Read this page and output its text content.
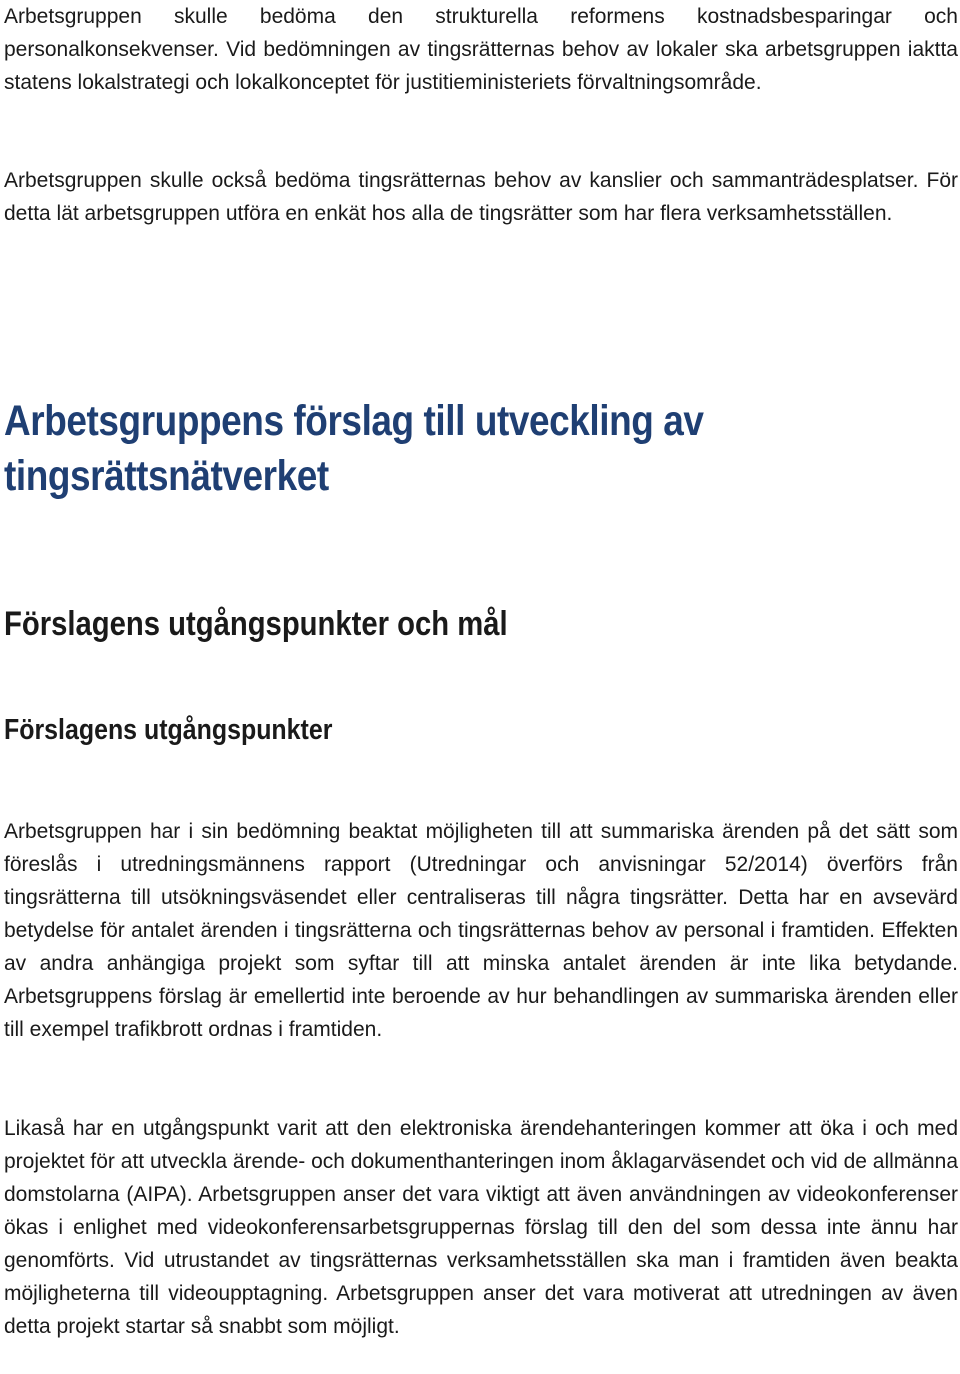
Arbetsgruppen skulle bedöma den strukturella reformens kostnadsbesparingar och personalkonsekvenser. Vid bedömningen av tingsrätternas behov av lokaler ska arbetsgruppen iaktta statens lokalstrategi och lokalkonceptet för justitieministeriets förvaltningsområde.

Arbetsgruppen skulle också bedöma tingsrätternas behov av kanslier och sammanträdesplatser. För detta lät arbetsgruppen utföra en enkät hos alla de tingsrätter som har flera verksamhetsställen.

Arbetsgruppens förslag till utveckling av
tingsrättsnätverket
Förslagens utgångspunkter och mål
Förslagens utgångspunkter

Arbetsgruppen har i sin bedömning beaktat möjligheten till att summariska ärenden på det sätt som föreslås i utredningsmännens rapport (Utredningar och anvisningar 52/2014) överförs från tingsrätterna till utsökningsväsendet eller centraliseras till några tingsrätter. Detta har en avsevärd betydelse för antalet ärenden i tingsrätterna och tingsrätternas behov av personal i framtiden. Effekten av andra anhängiga projekt som syftar till att minska antalet ärenden är inte lika betydande. Arbetsgruppens förslag är emellertid inte beroende av hur behandlingen av summariska ärenden eller till exempel trafikbrott ordnas i framtiden.

Likaså har en utgångspunkt varit att den elektroniska ärendehanteringen kommer att öka i och med projektet för att utveckla ärende- och dokumenthanteringen inom åklagarväsendet och vid de allmänna domstolarna (AIPA). Arbetsgruppen anser det vara viktigt att även användningen av videokonferenser ökas i enlighet med videokonferensarbetsgruppernas förslag till den del som dessa inte ännu har genomförts. Vid utrustandet av tingsrätternas verksamhetsställen ska man i framtiden även beakta möjligheterna till videoupptagning. Arbetsgruppen anser det vara motiverat att utredningen av även detta projekt startar så snabbt som möjligt.
